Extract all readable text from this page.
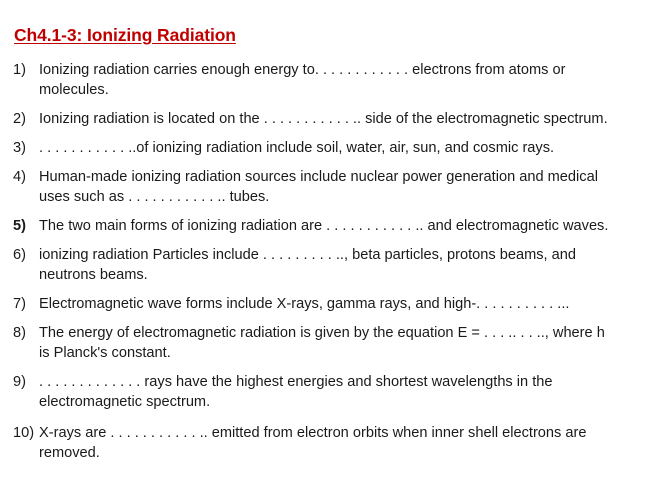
Ch4.1-3: Ionizing Radiation
1) Ionizing radiation carries enough energy to. . . . . . . . . . . . electrons from atoms or
molecules.
2) Ionizing radiation is located on the . . . . . . . . . . . .. side of the electromagnetic spectrum.
3) . . . . . . . . . . . ..of ionizing radiation include soil, water, air, sun, and cosmic rays.
4) Human-made ionizing radiation sources include nuclear power generation and medical
uses such as . . . . . . . . . . . .. tubes.
5) The two main forms of ionizing radiation are . . . . . . . . . . . .. and electromagnetic waves.
6) ionizing radiation Particles include . . . . . . . . . .., beta particles, protons beams, and
neutrons beams.
7) Electromagnetic wave forms include X-rays, gamma rays, and high-. . . . . . . . . . ...
8) The energy of electromagnetic radiation is given by the equation E = . . . .. . . .., where h
is Planck's constant.
9) . . . . . . . . . . . . . rays have the highest energies and shortest wavelengths in the
electromagnetic spectrum.
10) X-rays are . . . . . . . . . . . .. emitted from electron orbits when inner shell electrons are
removed.
